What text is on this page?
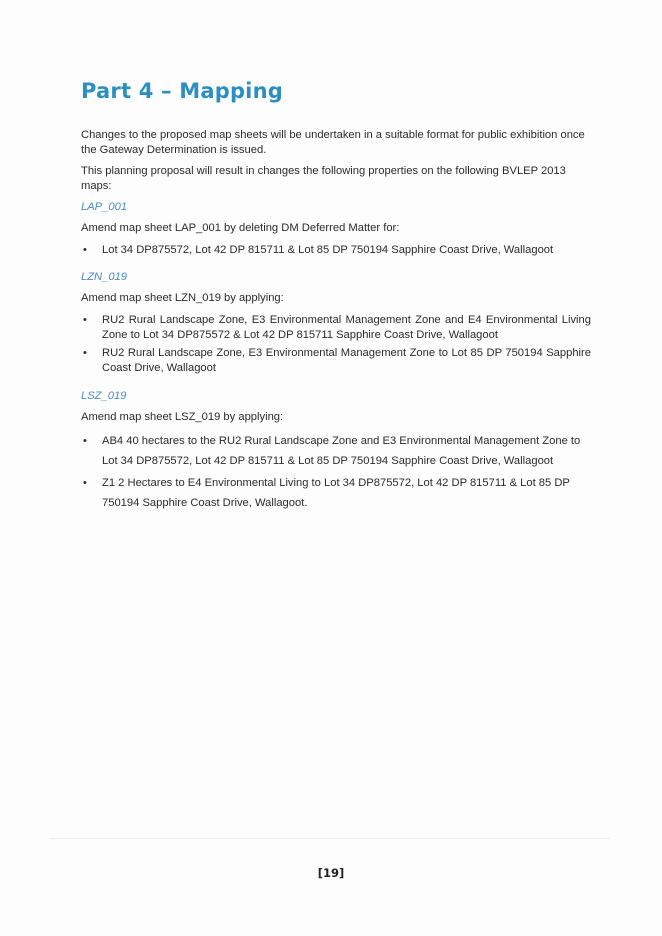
Part 4 – Mapping

Changes to the proposed map sheets will be undertaken in a suitable format for public exhibition once the Gateway Determination is issued.

This planning proposal will result in changes the following properties on the following BVLEP 2013 maps:

LAP_001

Amend map sheet LAP_001 by deleting DM Deferred Matter for:

• Lot 34 DP875572, Lot 42 DP 815711 & Lot 85 DP 750194 Sapphire Coast Drive, Wallagoot
LZN_019

Amend map sheet LZN_019 by applying:

• RU2 Rural Landscape Zone, E3 Environmental Management Zone and E4 Environmental Living Zone to Lot 34 DP875572 & Lot 42 DP 815711 Sapphire Coast Drive, Wallagoot
• RU2 Rural Landscape Zone, E3 Environmental Management Zone to Lot 85 DP 750194 Sapphire Coast Drive, Wallagoot
LSZ_019

Amend map sheet LSZ_019 by applying:

• AB4 40 hectares to the RU2 Rural Landscape Zone and E3 Environmental Management Zone to Lot 34 DP875572, Lot 42 DP 815711 & Lot 85 DP 750194 Sapphire Coast Drive, Wallagoot
• Z1 2 Hectares to E4 Environmental Living to Lot 34 DP875572, Lot 42 DP 815711 & Lot 85 DP 750194 Sapphire Coast Drive, Wallagoot.
[19]
